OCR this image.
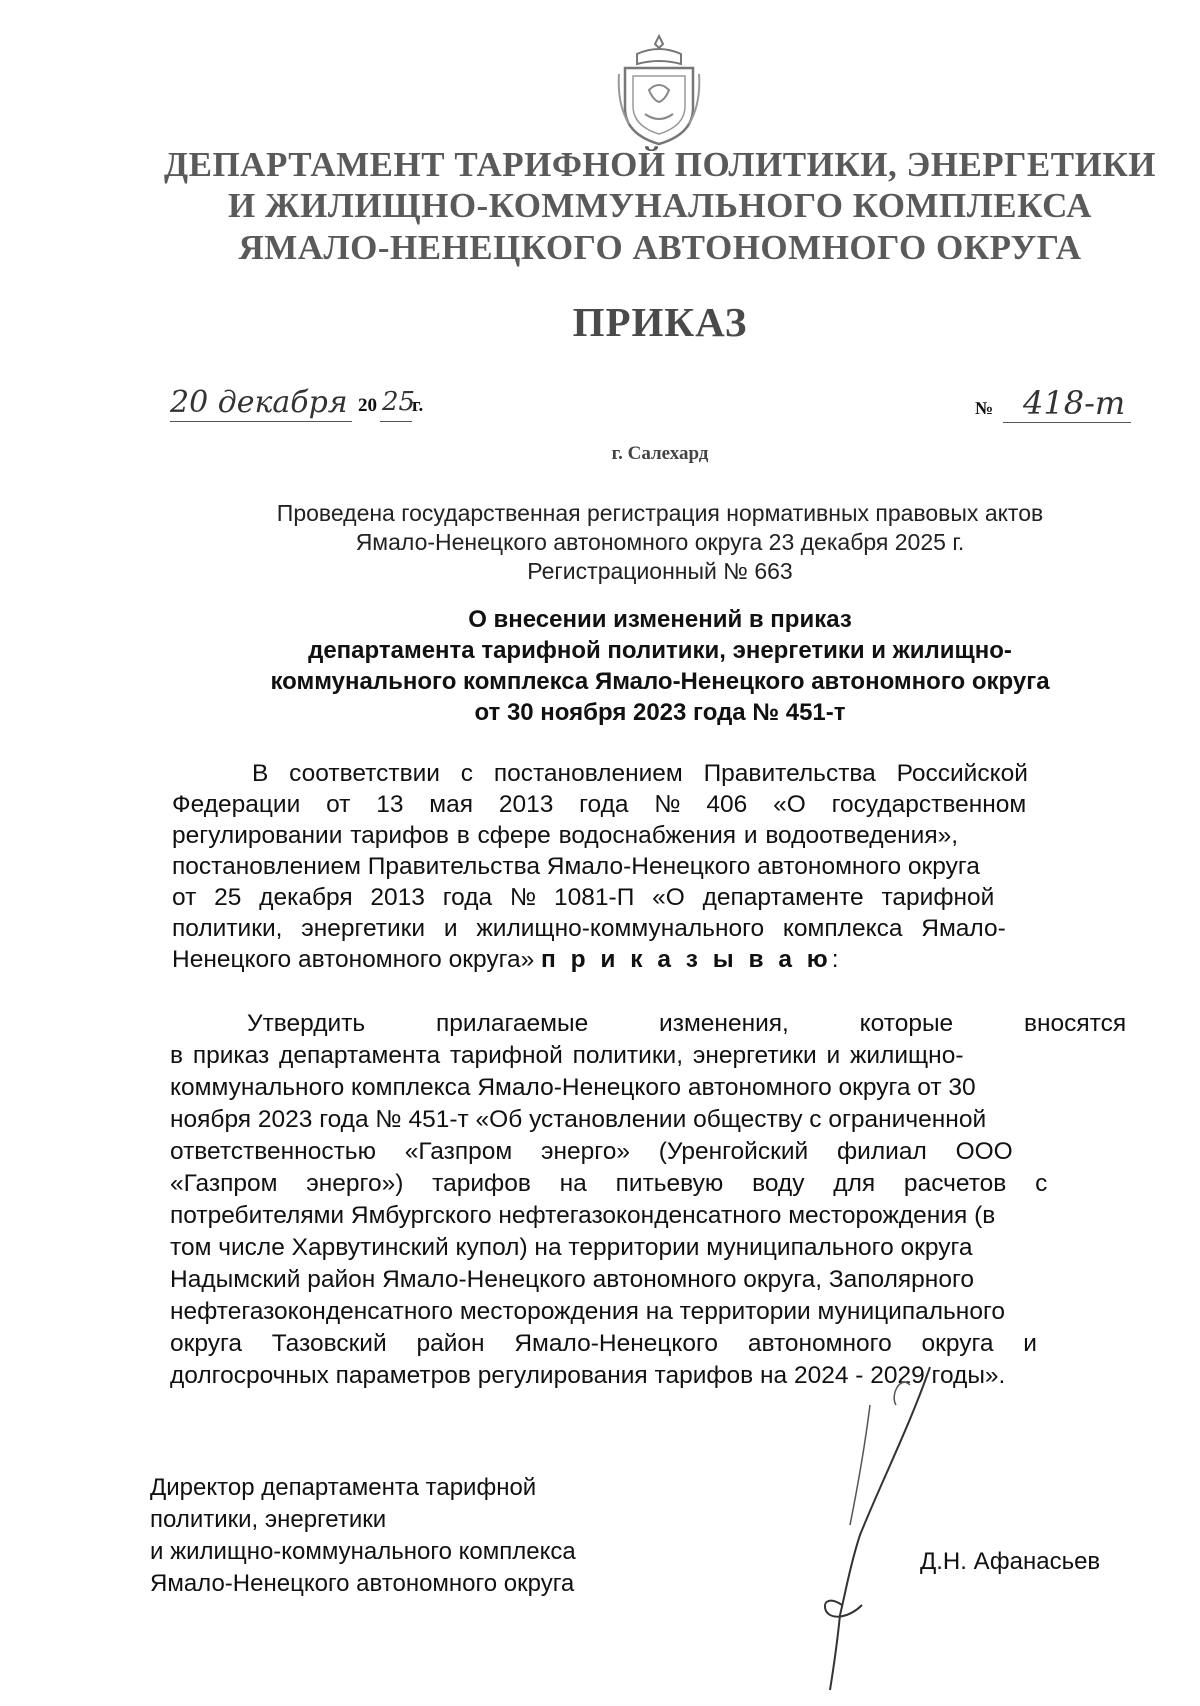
ДЕПАРТАМЕНТ ТАРИФНОЙ ПОЛИТИКИ, ЭНЕРГЕТИКИ
И ЖИЛИЩНО-КОММУНАЛЬНОГО КОМПЛЕКСА
ЯМАЛО-НЕНЕЦКОГО АВТОНОМНОГО ОКРУГА
ПРИКАЗ
20 декабря 20 25
г.	№ 418-т
г. Салехард
Проведена государственная регистрация нормативных правовых актов
Ямало-Ненецкого автономного округа 23 декабря 2025 г.
Регистрационный № 663
О внесении изменений в приказ
департамента тарифной политики, энергетики и жилищно-
коммунального комплекса Ямало-Ненецкого автономного округа
от 30 ноября 2023 года № 451-т
В соответствии с постановлением Правительства Российской
Федерации от 13 мая 2013 года № 406 «О государственном
регулировании тарифов в сфере водоснабжения и водоотведения»,
постановлением Правительства Ямало-Ненецкого автономного округа
от 25 декабря 2013 года № 1081-П «О департаменте тарифной
политики, энергетики и жилищно-коммунального комплекса Ямало-
Ненецкого автономного округа» п р и к а з ы в а ю:
Утвердить прилагаемые изменения, которые вносятся
в приказ департамента тарифной политики, энергетики и жилищно-
коммунального комплекса Ямало-Ненецкого автономного округа от 30
ноября 2023 года № 451-т «Об установлении обществу с ограниченной
ответственностью «Газпром энерго» (Уренгойский филиал ООО
«Газпром энерго») тарифов на питьевую воду для расчетов с
потребителями Ямбургского нефтегазоконденсатного месторождения (в
том числе Харвутинский купол) на территории муниципального округа
Надымский район Ямало-Ненецкого автономного округа, Заполярного
нефтегазоконденсатного месторождения на территории муниципального
округа Тазовский район Ямало-Ненецкого автономного округа и
долгосрочных параметров регулирования тарифов на 2024 - 2029 годы».
Директор департамента тарифной
политики, энергетики
и жилищно-коммунального комплекса
Ямало-Ненецкого автономного округа
Д.Н. Афанасьев
